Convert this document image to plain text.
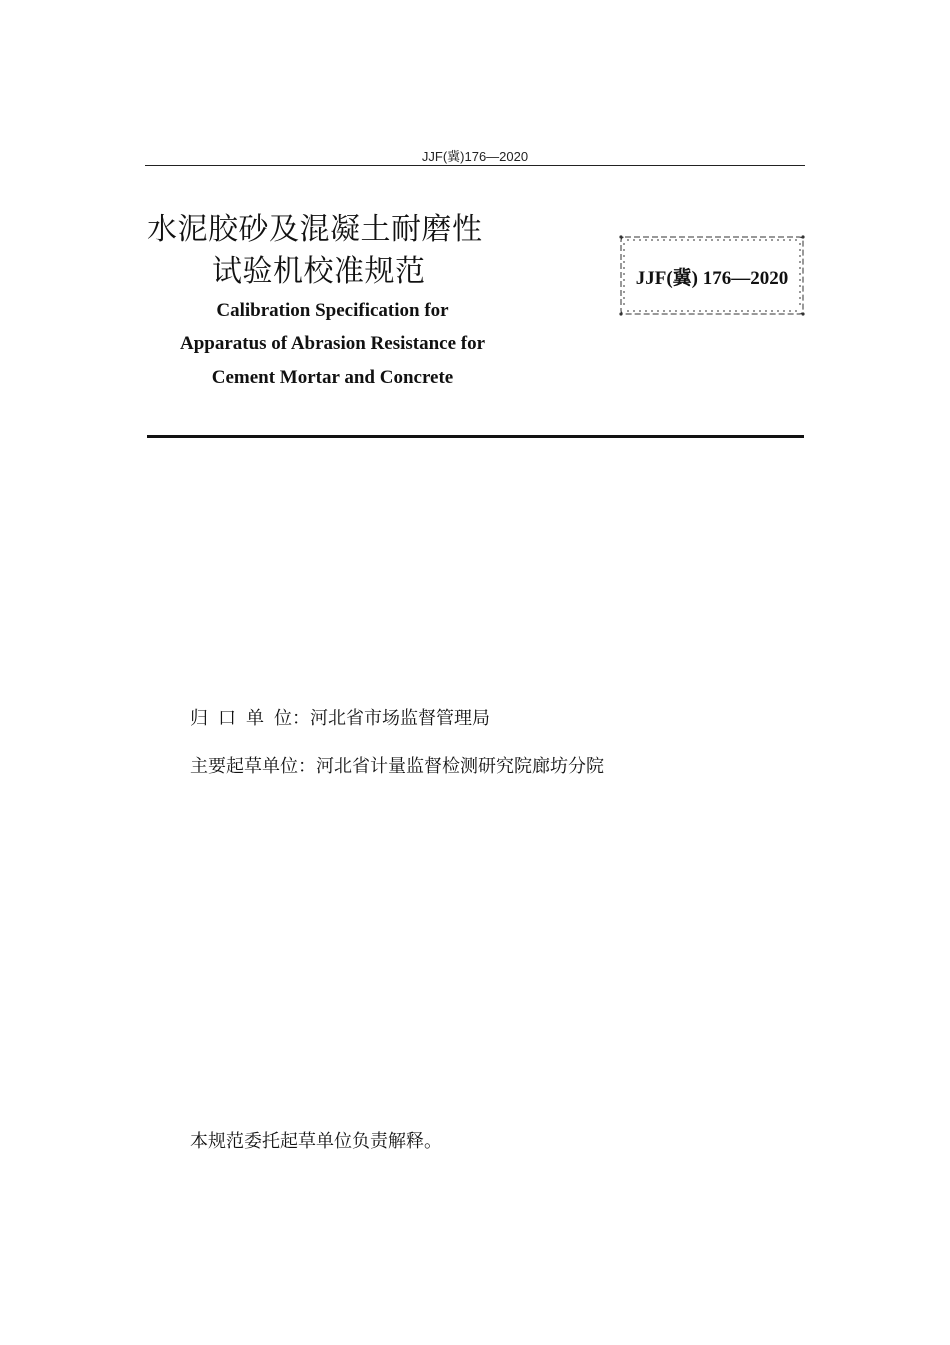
JJF(冀)176—2020
水泥胶砂及混凝土耐磨性
试验机校准规范
Calibration Specification for
Apparatus of Abrasion Resistance for
Cement Mortar and Concrete
JJF(冀) 176—2020
归 口 单 位：河北省市场监督管理局
主要起草单位：河北省计量监督检测研究院廊坊分院
本规范委托起草单位负责解释。
